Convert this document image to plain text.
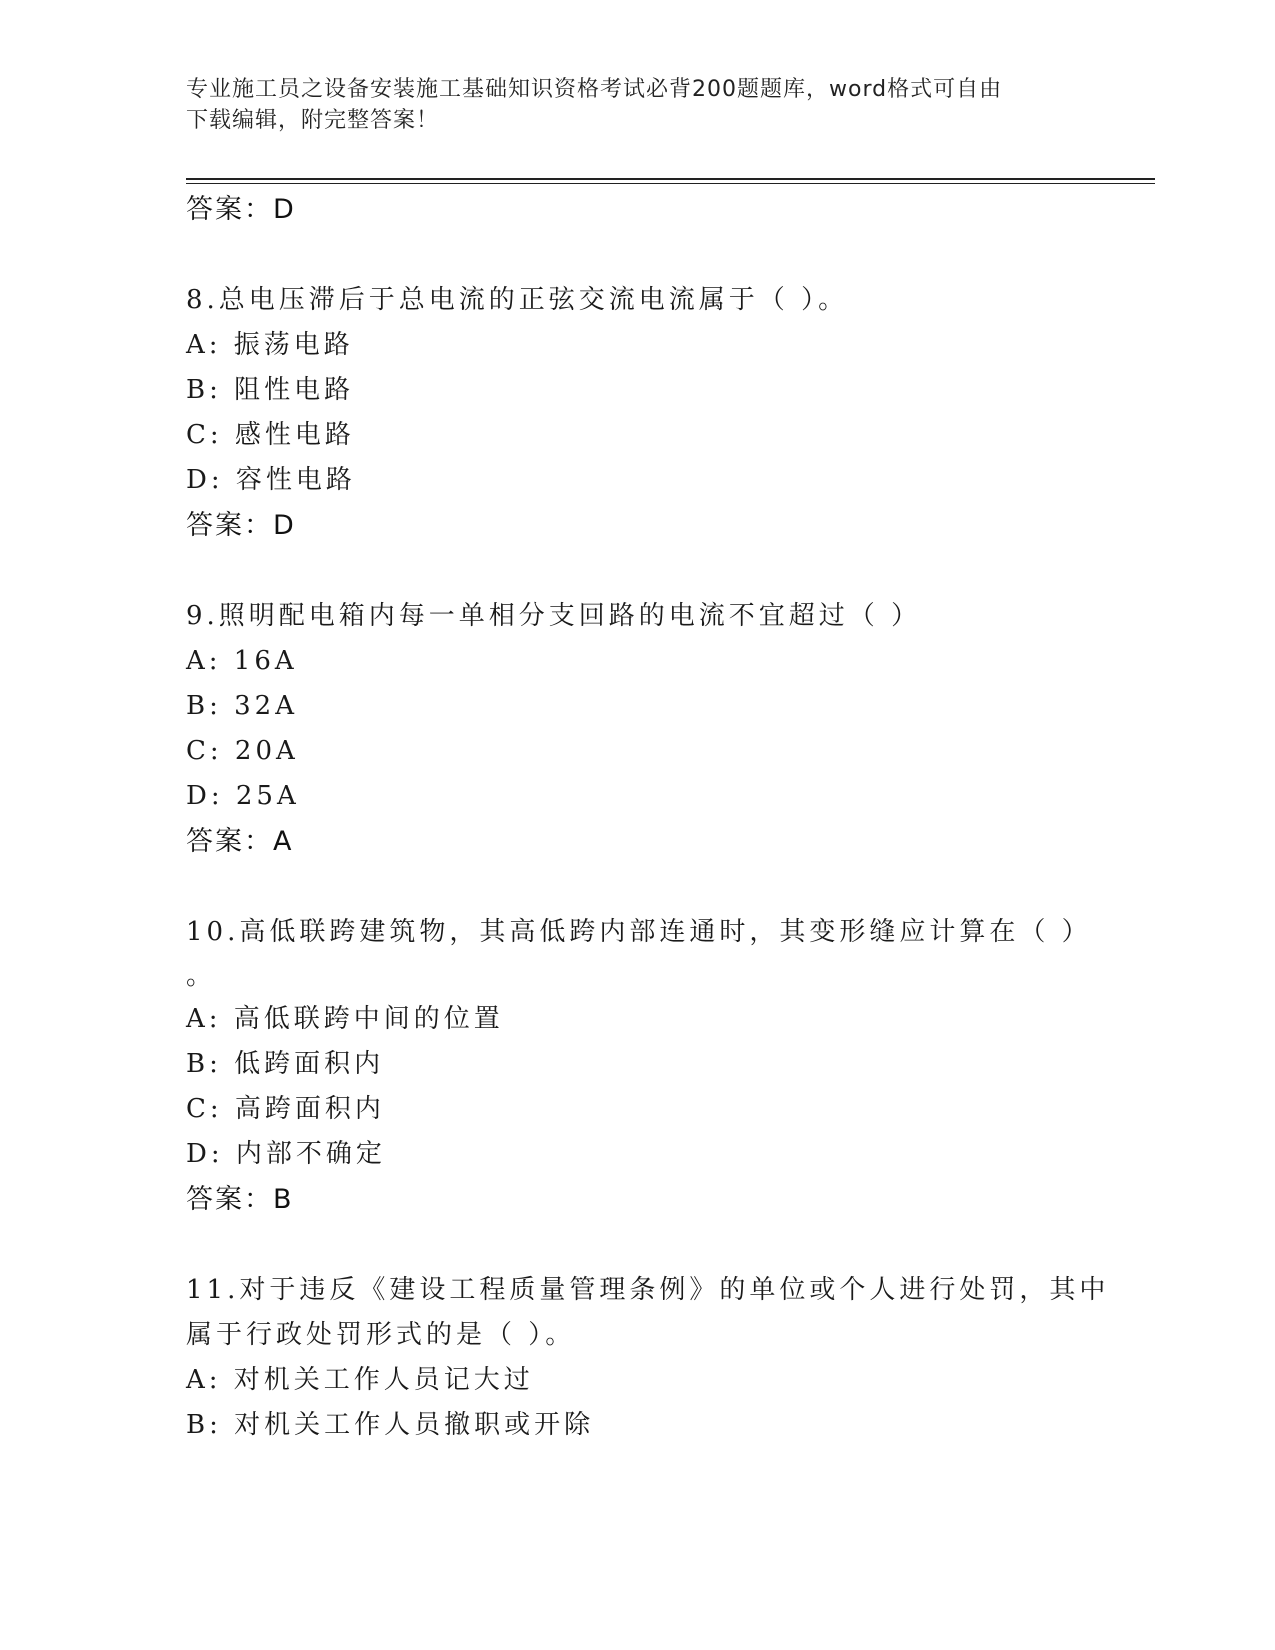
专业施工员之设备安装施工基础知识资格考试必背200题题库，word格式可自由
下载编辑，附完整答案！
答案：D
8.总电压滞后于总电流的正弦交流电流属于（ ）。
A: 振荡电路
B: 阻性电路
C: 感性电路
D: 容性电路
答案：D
9.照明配电箱内每一单相分支回路的电流不宜超过（ ）
A: 16A
B: 32A
C: 20A
D: 25A
答案：A
10.高低联跨建筑物，其高低跨内部连通时，其变形缝应计算在（ ）
。
A: 高低联跨中间的位置
B: 低跨面积内
C: 高跨面积内
D: 内部不确定
答案：B
11.对于违反《建设工程质量管理条例》的单位或个人进行处罚，其中
属于行政处罚形式的是（ ）。
A: 对机关工作人员记大过
B: 对机关工作人员撤职或开除
